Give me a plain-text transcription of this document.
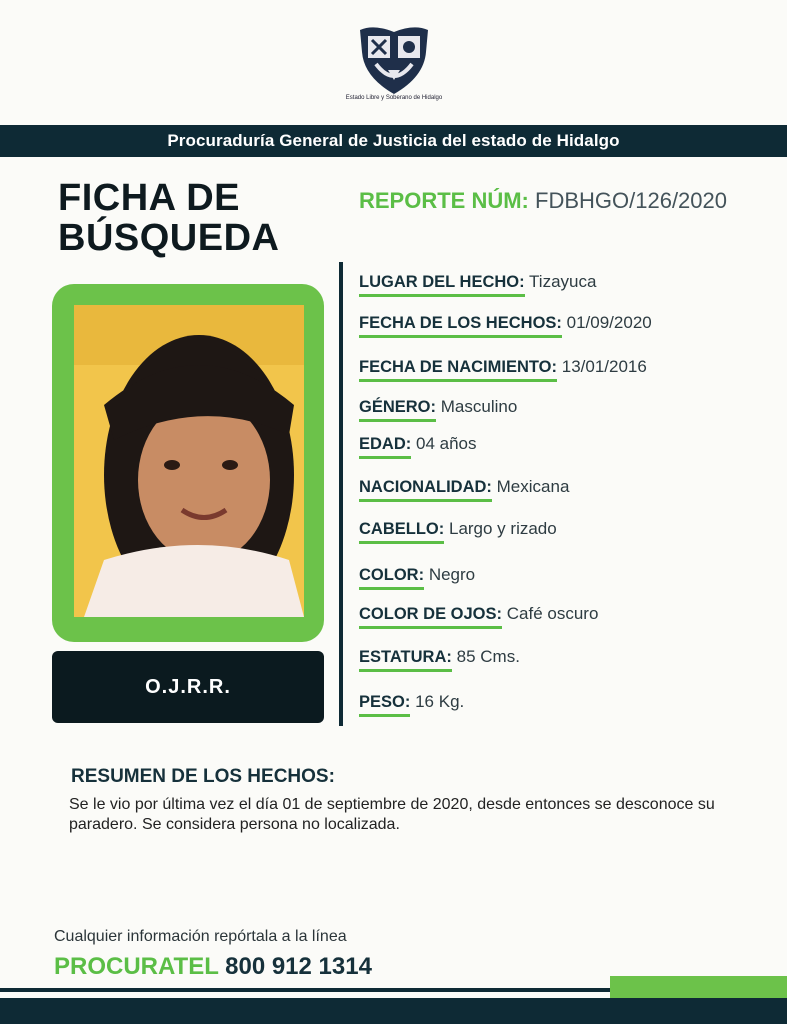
Estado Libre y Soberano de Hidalgo
Procuraduría General de Justicia del estado de Hidalgo
FICHA DE
BÚSQUEDA
REPORTE NÚM: FDBHGO/126/2020
O.J.R.R.
LUGAR DEL HECHO: Tizayuca
FECHA DE LOS HECHOS: 01/09/2020
FECHA DE NACIMIENTO: 13/01/2016
GÉNERO: Masculino
EDAD: 04 años
NACIONALIDAD: Mexicana
CABELLO: Largo y rizado
COLOR: Negro
COLOR DE OJOS: Café oscuro
ESTATURA: 85 Cms.
PESO: 16 Kg.
RESUMEN DE LOS HECHOS:
Se le vio por última vez el día 01 de septiembre de 2020, desde entonces se desconoce su paradero. Se considera persona no localizada.
Cualquier información repórtala a la línea
PROCURATEL 800 912 1314
